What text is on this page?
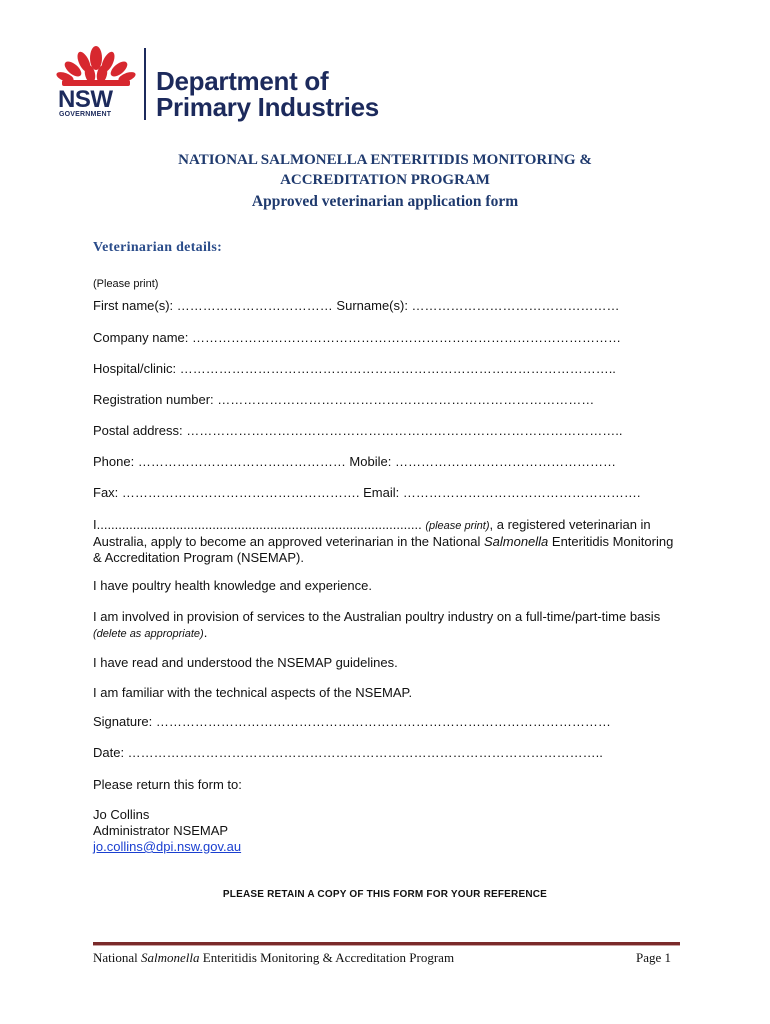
NSW
GOVERNMENT
Department of
Primary Industries
NATIONAL SALMONELLA ENTERITIDIS MONITORING &
ACCREDITATION PROGRAM
Approved veterinarian application form
Veterinarian details:
(Please print)
First name(s): ……………………………… Surname(s): …………………………………………
Company name: ………………………………………………………………………………………
Hospital/clinic: ………………………………………………………………………………………..
Registration number: ……………………………………………………………………………
Postal address: ………………………………………………………………………………………..
Phone: ………………………………………… Mobile: ……………………………………………
Fax: ………………………………………………. Email: ……………………………………………….
I.......................................................................................... (please print), a registered veterinarian in Australia, apply to become an approved veterinarian in the National Salmonella Enteritidis Monitoring & Accreditation Program (NSEMAP).
I have poultry health knowledge and experience.
I am involved in provision of services to the Australian poultry industry on a full-time/part-time basis (delete as appropriate).
I have read and understood the NSEMAP guidelines.
I am familiar with the technical aspects of the NSEMAP.
Signature: ……………………………………………………………………………………………
Date: ………………………………………………………………………………………………..
Please return this form to:
Jo Collins
Administrator NSEMAP
jo.collins@dpi.nsw.gov.au
PLEASE RETAIN A COPY OF THIS FORM FOR YOUR REFERENCE
National Salmonella Enteritidis Monitoring & Accreditation Program	Page 1
